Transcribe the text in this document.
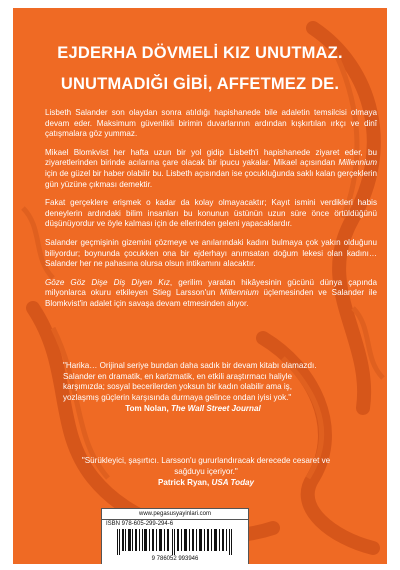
EJDERHA DÖVMELİ KIZ UNUTMAZ.
UNUTMADIĞI GİBİ, AFFETMEZ DE.

Lisbeth Salander son olaydan sonra atıldığı hapishanede bile adaletin temsilcisi olmaya devam eder. Maksimum güvenlikli birimin duvarlarının ardından kışkırtılan ırkçı ve dinî çatışmalara göz yummaz.

Mikael Blomkvist her hafta uzun bir yol gidip Lisbeth'i hapishanede ziyaret eder, bu ziyaretlerinden birinde acılarına çare olacak bir ipucu yakalar. Mikael açısından Millennium için de güzel bir haber olabilir bu. Lisbeth açısından ise çocukluğunda saklı kalan gerçeklerin gün yüzüne çıkması demektir.

Fakat gerçeklere erişmek o kadar da kolay olmayacaktır; Kayıt ismini verdikleri habis deneylerin ardındaki bilim insanları bu konunun üstünün uzun süre önce örtüldüğünü düşünüyordur ve öyle kalması için de ellerinden geleni yapacaklardır.

Salander geçmişinin gizemini çözmeye ve anılarındaki kadını bulmaya çok yakın olduğunu biliyordur; boynunda çocukken ona bir ejderhayı anımsatan doğum lekesi olan kadını… Salander her ne pahasına olursa olsun intikamını alacaktır.

Göze Göz Dişe Diş Diyen Kız, gerilim yaratan hikâyesinin gücünü dünya çapında milyonlarca okuru etkileyen Stieg Larsson'un Millennium üçlemesinden ve Salander ile Blomkvist'in adalet için savaşa devam etmesinden alıyor.

"Harika… Orijinal seriye bundan daha sadık bir devam kitabı olamazdı. Salander en dramatik, en karizmatik, en etkili araştırmacı haliyle karşımızda; sosyal becerilerden yoksun bir kadın olabilir ama iş, yozlaşmış güçlerin karşısında durmaya gelince ondan iyisi yok."
Tom Nolan, The Wall Street Journal
"Sürükleyici, şaşırtıcı. Larsson'u gururlandıracak derecede cesaret ve sağduyu içeriyor."
Patrick Ryan, USA Today
www.pegasusyayinlari.com
ISBN 978-605-299-294-6
9 786052 993946
